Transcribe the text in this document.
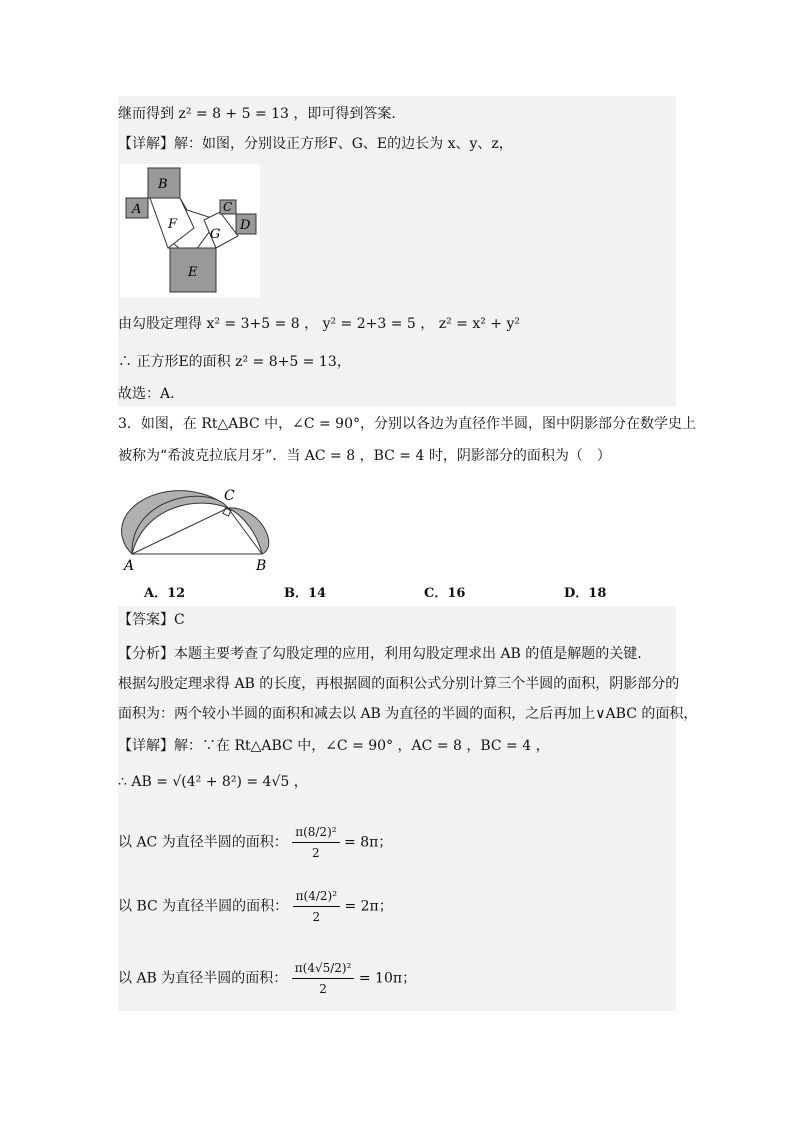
继而得到 z² = 8 + 5 = 13 ，即可得到答案.
【详解】解：如图，分别设正方形F、G、E的边长为 x、y、z，
B
A
F
G
C
D
E
由勾股定理得 x² = 3+5 = 8 ， y² = 2+3 = 5 ， z² = x² + y²
∴ 正方形E的面积 z² = 8+5 = 13，
故选：A.
3．如图，在 Rt△ABC 中，∠C = 90°，分别以各边为直径作半圆，图中阴影部分在数学史上
被称为“希波克拉底月牙”．当 AC = 8 ，BC = 4 时，阴影部分的面积为（　）
C
A	B
A．12	B．14	C．16	D．18
【答案】C
【分析】本题主要考查了勾股定理的应用，利用勾股定理求出 AB 的值是解题的关键.
根据勾股定理求得 AB 的长度，再根据圆的面积公式分别计算三个半圆的面积，阴影部分的
面积为：两个较小半圆的面积和减去以 AB 为直径的半圆的面积，之后再加上∨ABC 的面积，
【详解】解：∵在 Rt△ABC 中，∠C = 90° ，AC = 8 ，BC = 4 ，
∴ AB = √(4² + 8²) = 4√5 ，
以 AC 为直径半圆的面积： $\frac{\text{π(8/2)²}}{2} = 8\pi$；
以 BC 为直径半圆的面积： $\frac{\text{π(4/2)²}}{2} = 2\pi$；
以 AB 为直径半圆的面积： $\frac{\text{π(4√5/2)²}}{2} = 10\pi$；
